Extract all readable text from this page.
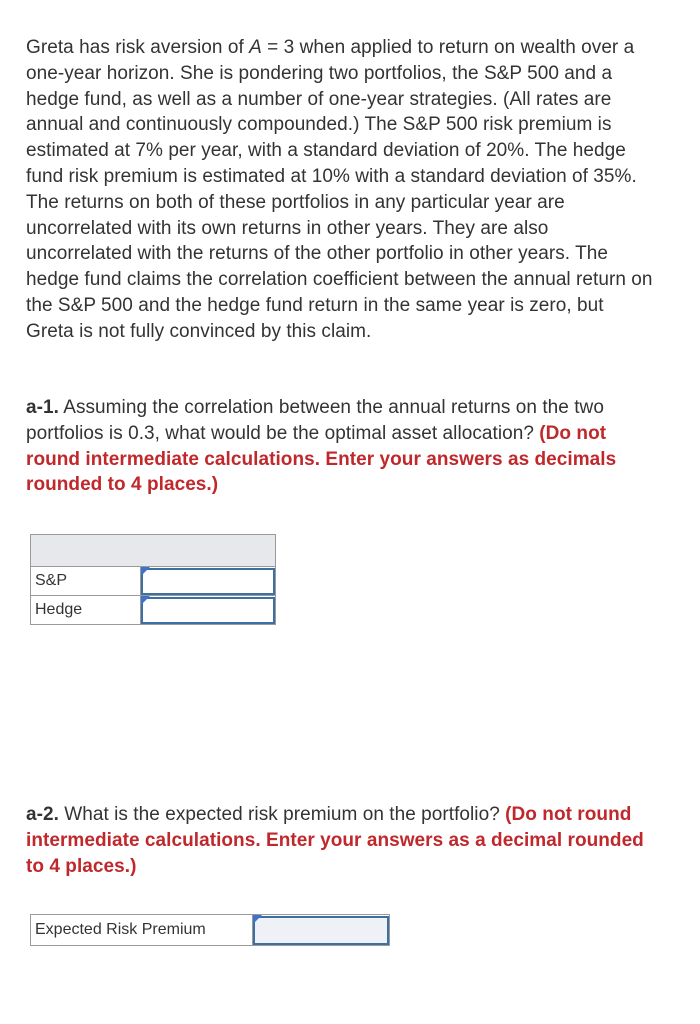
Greta has risk aversion of A = 3 when applied to return on wealth over a one-year horizon. She is pondering two portfolios, the S&P 500 and a hedge fund, as well as a number of one-year strategies. (All rates are annual and continuously compounded.) The S&P 500 risk premium is estimated at 7% per year, with a standard deviation of 20%. The hedge fund risk premium is estimated at 10% with a standard deviation of 35%. The returns on both of these portfolios in any particular year are uncorrelated with its own returns in other years. They are also uncorrelated with the returns of the other portfolio in other years. The hedge fund claims the correlation coefficient between the annual return on the S&P 500 and the hedge fund return in the same year is zero, but Greta is not fully convinced by this claim.

a-1. Assuming the correlation between the annual returns on the two portfolios is 0.3, what would be the optimal asset allocation? (Do not round intermediate calculations. Enter your answers as decimals rounded to 4 places.)

S&P	

Hedge	

a-2. What is the expected risk premium on the portfolio? (Do not round intermediate calculations. Enter your answers as a decimal rounded to 4 places.)

Expected Risk Premium	
